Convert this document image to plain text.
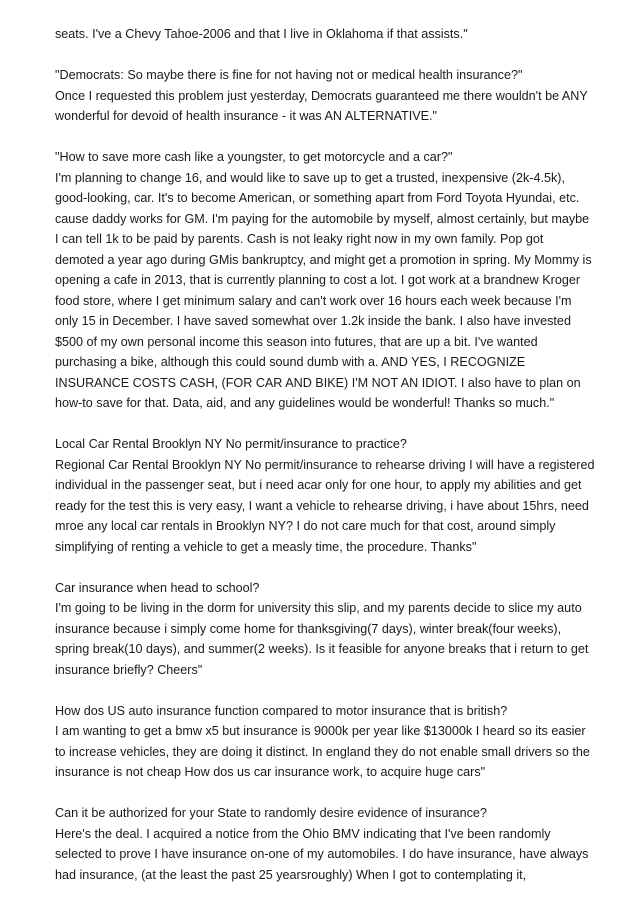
seats. I've a Chevy Tahoe-2006 and that I live in Oklahoma if that assists."

"Democrats: So maybe there is fine for not having not or medical health insurance?"

Once I requested this problem just yesterday, Democrats guaranteed me there wouldn't be ANY wonderful for devoid of health insurance - it was AN ALTERNATIVE."

"How to save more cash like a youngster, to get motorcycle and a car?"

I'm planning to change 16, and would like to save up to get a trusted, inexpensive (2k-4.5k), good-looking, car. It's to become American, or something apart from Ford Toyota Hyundai, etc. cause daddy works for GM. I'm paying for the automobile by myself, almost certainly, but maybe I can tell 1k to be paid by parents. Cash is not leaky right now in my own family. Pop got demoted a year ago during GMis bankruptcy, and might get a promotion in spring. My Mommy is opening a cafe in 2013, that is currently planning to cost a lot. I got work at a brandnew Kroger food store, where I get minimum salary and can't work over 16 hours each week because I'm only 15 in December. I have saved somewhat over 1.2k inside the bank. I also have invested $500 of my own personal income this season into futures, that are up a bit. I've wanted purchasing a bike, although this could sound dumb with a. AND YES, I RECOGNIZE INSURANCE COSTS CASH, (FOR CAR AND BIKE) I'M NOT AN IDIOT. I also have to plan on how-to save for that. Data, aid, and any guidelines would be wonderful! Thanks so much."

Local Car Rental Brooklyn NY No permit/insurance to practice?

Regional Car Rental Brooklyn NY No permit/insurance to rehearse driving I will have a registered individual in the passenger seat, but i need acar only for one hour, to apply my abilities and get ready for the test this is very easy, I want a vehicle to rehearse driving, i have about 15hrs, need mroe any local car rentals in Brooklyn NY? I do not care much for that cost, around simply simplifying of renting a vehicle to get a measly time, the procedure. Thanks"

Car insurance when head to school?

I'm going to be living in the dorm for university this slip, and my parents decide to slice my auto insurance because i simply come home for thanksgiving(7 days), winter break(four weeks), spring break(10 days), and summer(2 weeks). Is it feasible for anyone breaks that i return to get insurance briefly? Cheers"

How dos US auto insurance function compared to motor insurance that is british?

I am wanting to get a bmw x5 but insurance is 9000k per year like $13000k I heard so its easier to increase vehicles, they are doing it distinct. In england they do not enable small drivers so the insurance is not cheap How dos us car insurance work, to acquire huge cars"

Can it be authorized for your State to randomly desire evidence of insurance?

Here's the deal. I acquired a notice from the Ohio BMV indicating that I've been randomly selected to prove I have insurance on-one of my automobiles. I do have insurance, have always had insurance, (at the least the past 25 yearsroughly) When I got to contemplating it,
